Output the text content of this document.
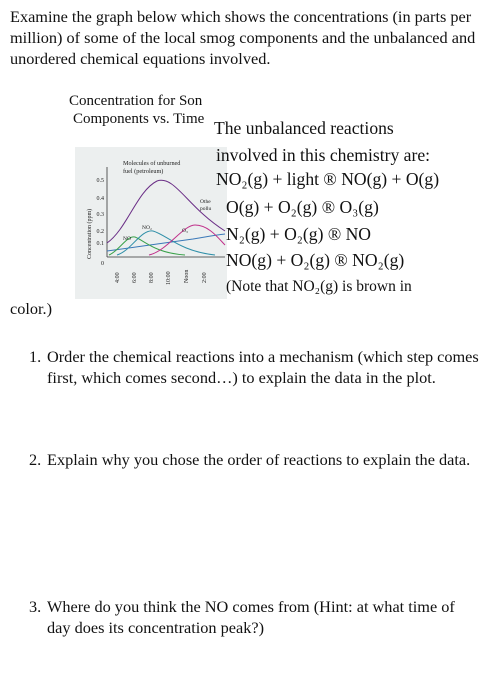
Examine the graph below which shows the concentrations (in parts per million) of some of the local smog components and the unbalanced and unordered chemical equations involved.
Concentration for Son
Components vs. Time
0.5
0.4
0.3
0.2
0.1
0
Concentration (ppm)
4:00 6:00 8:00 10:00 Noon 2:00
Molecules of unburned
fuel (petroleum)
Othe
pollu
NO
NO₂	O₃
The unbalanced reactions
involved in this chemistry are:
NO₂(g) + light ® NO(g) + O(g)
O(g) + O₂(g) ® O₃(g)
N₂(g) + O₂(g) ® NO
NO(g) + O₂(g) ® NO₂(g)
(Note that NO₂(g) is brown in
color.)
1. Order the chemical reactions into a mechanism (which step comes first, which comes second…) to explain the data in the plot.
2. Explain why you chose the order of reactions to explain the data.
3. Where do you think the NO comes from (Hint: at what time of day does its concentration peak?)
